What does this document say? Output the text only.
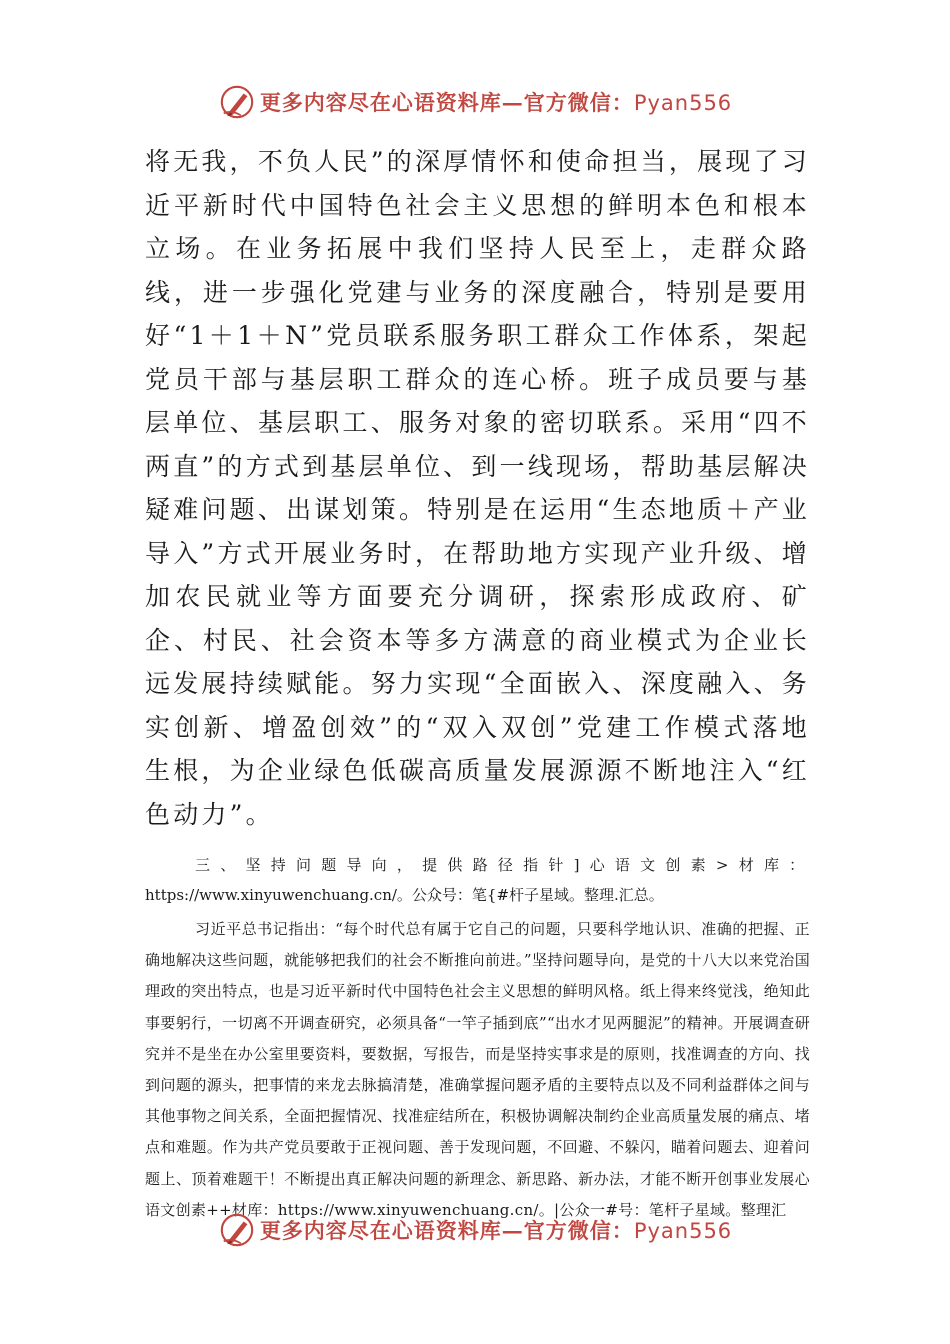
更多内容尽在心语资料库—官方微信：Pyan556

将无我，不负人民”的深厚情怀和使命担当，展现了习近平新时代中国特色社会主义思想的鲜明本色和根本立场。在业务拓展中我们坚持人民至上，走群众路线，进一步强化党建与业务的深度融合，特别是要用好“1＋1＋N”党员联系服务职工群众工作体系，架起党员干部与基层职工群众的连心桥。班子成员要与基层单位、基层职工、服务对象的密切联系。采用“四不两直”的方式到基层单位、到一线现场，帮助基层解决疑难问题、出谋划策。特别是在运用“生态地质＋产业导入”方式开展业务时，在帮助地方实现产业升级、增加农民就业等方面要充分调研，探索形成政府、矿企、村民、社会资本等多方满意的商业模式为企业长远发展持续赋能。努力实现“全面嵌入、深度融入、务实创新、增盈创效”的“双入双创”党建工作模式落地生根，为企业绿色低碳高质量发展源源不断地注入“红色动力”。

三、坚持问题导向，提供路径指针]心语文创素>材库：https://www.xinyuwenchuang.cn/。公众号：笔{#杆子星域。整理.汇总。

习近平总书记指出：“每个时代总有属于它自己的问题，只要科学地认识、准确的把握、正确地解决这些问题，就能够把我们的社会不断推向前进。”坚持问题导向，是党的十八大以来党治国理政的突出特点，也是习近平新时代中国特色社会主义思想的鲜明风格。纸上得来终觉浅，绝知此事要躬行，一切离不开调查研究，必须具备“一竿子插到底”“出水才见两腿泥”的精神。开展调查研究并不是坐在办公室里要资料，要数据，写报告，而是坚持实事求是的原则，找准调查的方向、找到问题的源头，把事情的来龙去脉搞清楚，准确掌握问题矛盾的主要特点以及不同利益群体之间与其他事物之间关系，全面把握情况、找准症结所在，积极协调解决制约企业高质量发展的痛点、堵点和难题。作为共产党员要敢于正视问题、善于发现问题，不回避、不躲闪，瞄着问题去、迎着问题上、顶着难题干！不断提出真正解决问题的新理念、新思路、新办法，才能不断开创事业发展心语文创素++材库：https://www.xinyuwenchuang.cn/。|公众一#号：笔杆子星域。整理汇

更多内容尽在心语资料库—官方微信：Pyan556
